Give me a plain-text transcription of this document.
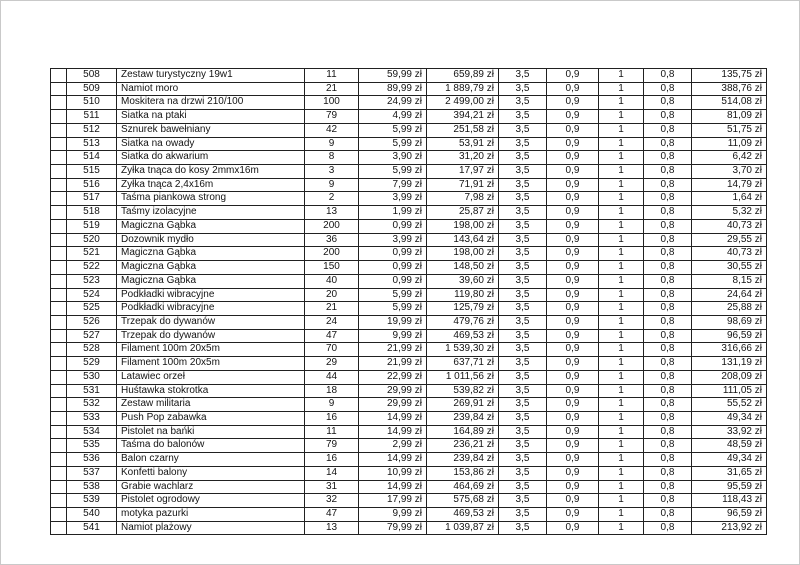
	508	Zestaw turystyczny 19w1	11	59,99 zł	659,89 zł	3,5	0,9	1	0,8	135,75 zł
	509	Namiot moro	21	89,99 zł	1 889,79 zł	3,5	0,9	1	0,8	388,76 zł
	510	Moskitera na drzwi 210/100	100	24,99 zł	2 499,00 zł	3,5	0,9	1	0,8	514,08 zł
	511	Siatka na ptaki	79	4,99 zł	394,21 zł	3,5	0,9	1	0,8	81,09 zł
	512	Sznurek bawełniany	42	5,99 zł	251,58 zł	3,5	0,9	1	0,8	51,75 zł
	513	Siatka na owady	9	5,99 zł	53,91 zł	3,5	0,9	1	0,8	11,09 zł
	514	Siatka do akwarium	8	3,90 zł	31,20 zł	3,5	0,9	1	0,8	6,42 zł
	515	Żyłka tnąca do kosy 2mmx16m	3	5,99 zł	17,97 zł	3,5	0,9	1	0,8	3,70 zł
	516	Żyłka tnąca 2,4x16m	9	7,99 zł	71,91 zł	3,5	0,9	1	0,8	14,79 zł
	517	Taśma piankowa strong	2	3,99 zł	7,98 zł	3,5	0,9	1	0,8	1,64 zł
	518	Taśmy izolacyjne	13	1,99 zł	25,87 zł	3,5	0,9	1	0,8	5,32 zł
	519	Magiczna Gąbka	200	0,99 zł	198,00 zł	3,5	0,9	1	0,8	40,73 zł
	520	Dozownik mydło	36	3,99 zł	143,64 zł	3,5	0,9	1	0,8	29,55 zł
	521	Magiczna Gąbka	200	0,99 zł	198,00 zł	3,5	0,9	1	0,8	40,73 zł
	522	Magiczna Gąbka	150	0,99 zł	148,50 zł	3,5	0,9	1	0,8	30,55 zł
	523	Magiczna Gąbka	40	0,99 zł	39,60 zł	3,5	0,9	1	0,8	8,15 zł
	524	Podkładki wibracyjne	20	5,99 zł	119,80 zł	3,5	0,9	1	0,8	24,64 zł
	525	Podkładki wibracyjne	21	5,99 zł	125,79 zł	3,5	0,9	1	0,8	25,88 zł
	526	Trzepak do dywanów	24	19,99 zł	479,76 zł	3,5	0,9	1	0,8	98,69 zł
	527	Trzepak do dywanów	47	9,99 zł	469,53 zł	3,5	0,9	1	0,8	96,59 zł
	528	Filament 100m 20x5m	70	21,99 zł	1 539,30 zł	3,5	0,9	1	0,8	316,66 zł
	529	Filament 100m 20x5m	29	21,99 zł	637,71 zł	3,5	0,9	1	0,8	131,19 zł
	530	Latawiec orzeł	44	22,99 zł	1 011,56 zł	3,5	0,9	1	0,8	208,09 zł
	531	Huśtawka stokrotka	18	29,99 zł	539,82 zł	3,5	0,9	1	0,8	111,05 zł
	532	Zestaw militaria	9	29,99 zł	269,91 zł	3,5	0,9	1	0,8	55,52 zł
	533	Push Pop zabawka	16	14,99 zł	239,84 zł	3,5	0,9	1	0,8	49,34 zł
	534	Pistolet na bańki	11	14,99 zł	164,89 zł	3,5	0,9	1	0,8	33,92 zł
	535	Taśma do balonów	79	2,99 zł	236,21 zł	3,5	0,9	1	0,8	48,59 zł
	536	Balon czarny	16	14,99 zł	239,84 zł	3,5	0,9	1	0,8	49,34 zł
	537	Konfetti balony	14	10,99 zł	153,86 zł	3,5	0,9	1	0,8	31,65 zł
	538	Grabie wachlarz	31	14,99 zł	464,69 zł	3,5	0,9	1	0,8	95,59 zł
	539	Pistolet ogrodowy	32	17,99 zł	575,68 zł	3,5	0,9	1	0,8	118,43 zł
	540	motyka pazurki	47	9,99 zł	469,53 zł	3,5	0,9	1	0,8	96,59 zł
	541	Namiot plażowy	13	79,99 zł	1 039,87 zł	3,5	0,9	1	0,8	213,92 zł
